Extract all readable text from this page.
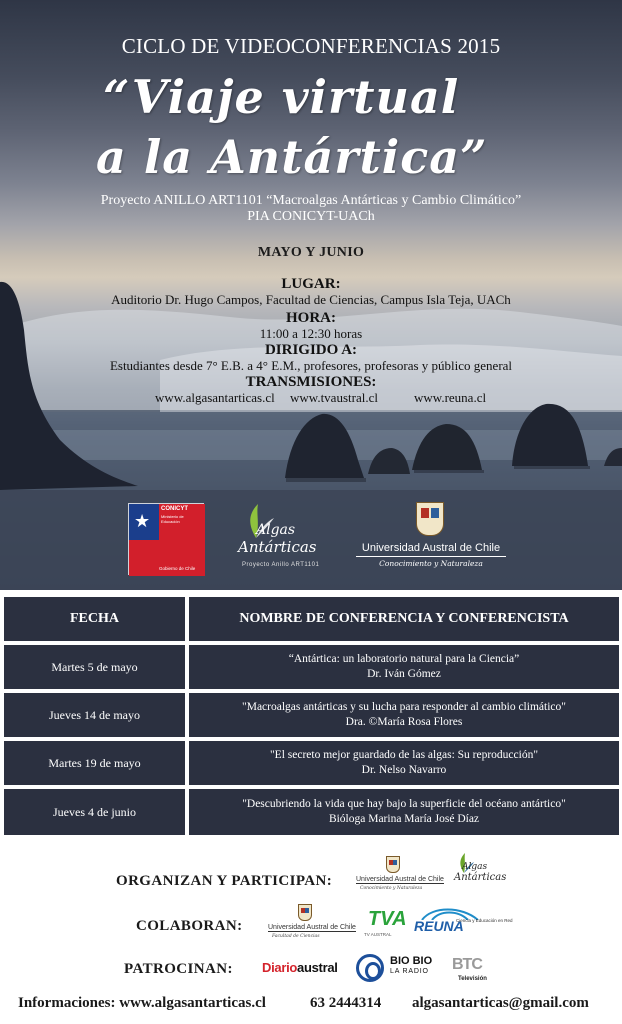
CICLO DE VIDEOCONFERENCIAS 2015
“Viaje virtual
a la Antártica”
Proyecto ANILLO ART1101 “Macroalgas Antárticas y Cambio Climático”
PIA CONICYT-UACh
MAYO Y JUNIO
LUGAR:
Auditorio Dr. Hugo Campos, Facultad de Ciencias, Campus Isla Teja, UACh
HORA:
11:00 a 12:30 horas
DIRIGIDO A:
Estudiantes desde 7° E.B. a 4° E.M., profesores, profesoras y público general
TRANSMISIONES:
www.algasantarticas.cl www.tvaustral.cl	www.reuna.cl
★
CONICYT
Ministerio de Educación
Gobierno de Chile
Algas
Antárticas
Proyecto Anillo ART1101
Universidad Austral de Chile
Conocimiento y Naturaleza
FECHA	NOMBRE DE CONFERENCIA Y CONFERENCISTA
Martes 5 de mayo
“Antártica: un laboratorio natural para la Ciencia”
Dr. Iván Gómez
Jueves 14 de mayo
"Macroalgas antárticas y su lucha para responder al cambio climático"
Dra. ©María Rosa Flores
Martes 19 de mayo
"El secreto mejor guardado de las algas: Su reproducción"
Dr. Nelso Navarro
Jueves 4 de junio
"Descubriendo la vida que hay bajo la superficie del océano antártico"
Bióloga Marina María José Díaz
ORGANIZAN Y PARTICIPAN:
COLABORAN:
PATROCINAN:
Universidad Austral de Chile
Conocimiento y Naturaleza
Algas
Antárticas
Universidad Austral de Chile
Facultad de Ciencias
TVA
TV AUSTRAL
REUNA
Ciencia y Educación en Red
Diarioaustral	BIO BIO
LA RADIO BTC
Televisión
Informaciones: www.algasantarticas.cl	63 2444314 algasantarticas@gmail.com
